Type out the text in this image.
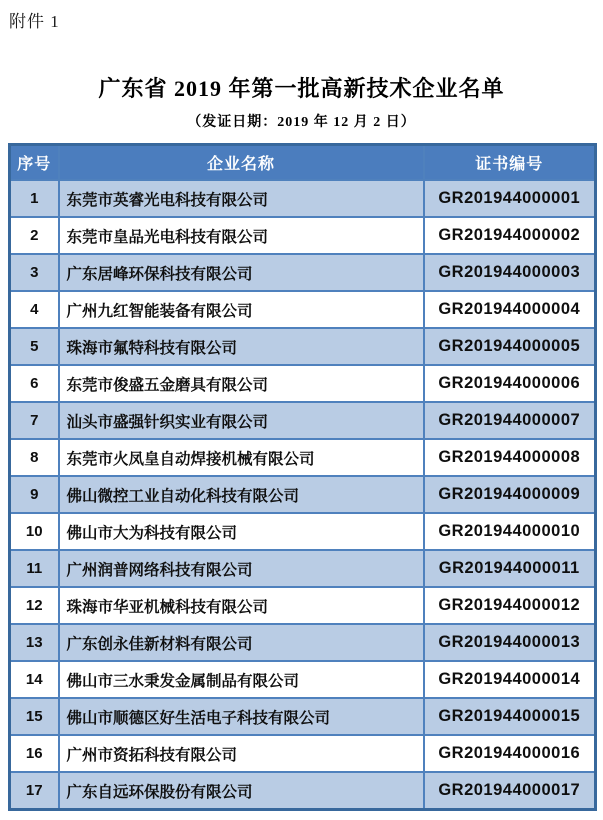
附件 1
广东省 2019 年第一批高新技术企业名单
（发证日期：2019 年 12 月 2 日）
序号	企业名称	证书编号
1	东莞市英睿光电科技有限公司	GR201944000001
2	东莞市皇品光电科技有限公司	GR201944000002
3	广东居峰环保科技有限公司	GR201944000003
4	广州九红智能装备有限公司	GR201944000004
5	珠海市氟特科技有限公司	GR201944000005
6	东莞市俊盛五金磨具有限公司	GR201944000006
7	汕头市盛强针织实业有限公司	GR201944000007
8	东莞市火凤皇自动焊接机械有限公司	GR201944000008
9	佛山微控工业自动化科技有限公司	GR201944000009
10	佛山市大为科技有限公司	GR201944000010
11	广州润普网络科技有限公司	GR201944000011
12	珠海市华亚机械科技有限公司	GR201944000012
13	广东创永佳新材料有限公司	GR201944000013
14	佛山市三水秉发金属制品有限公司	GR201944000014
15	佛山市顺德区好生活电子科技有限公司	GR201944000015
16	广州市资拓科技有限公司	GR201944000016
17	广东自远环保股份有限公司	GR201944000017
